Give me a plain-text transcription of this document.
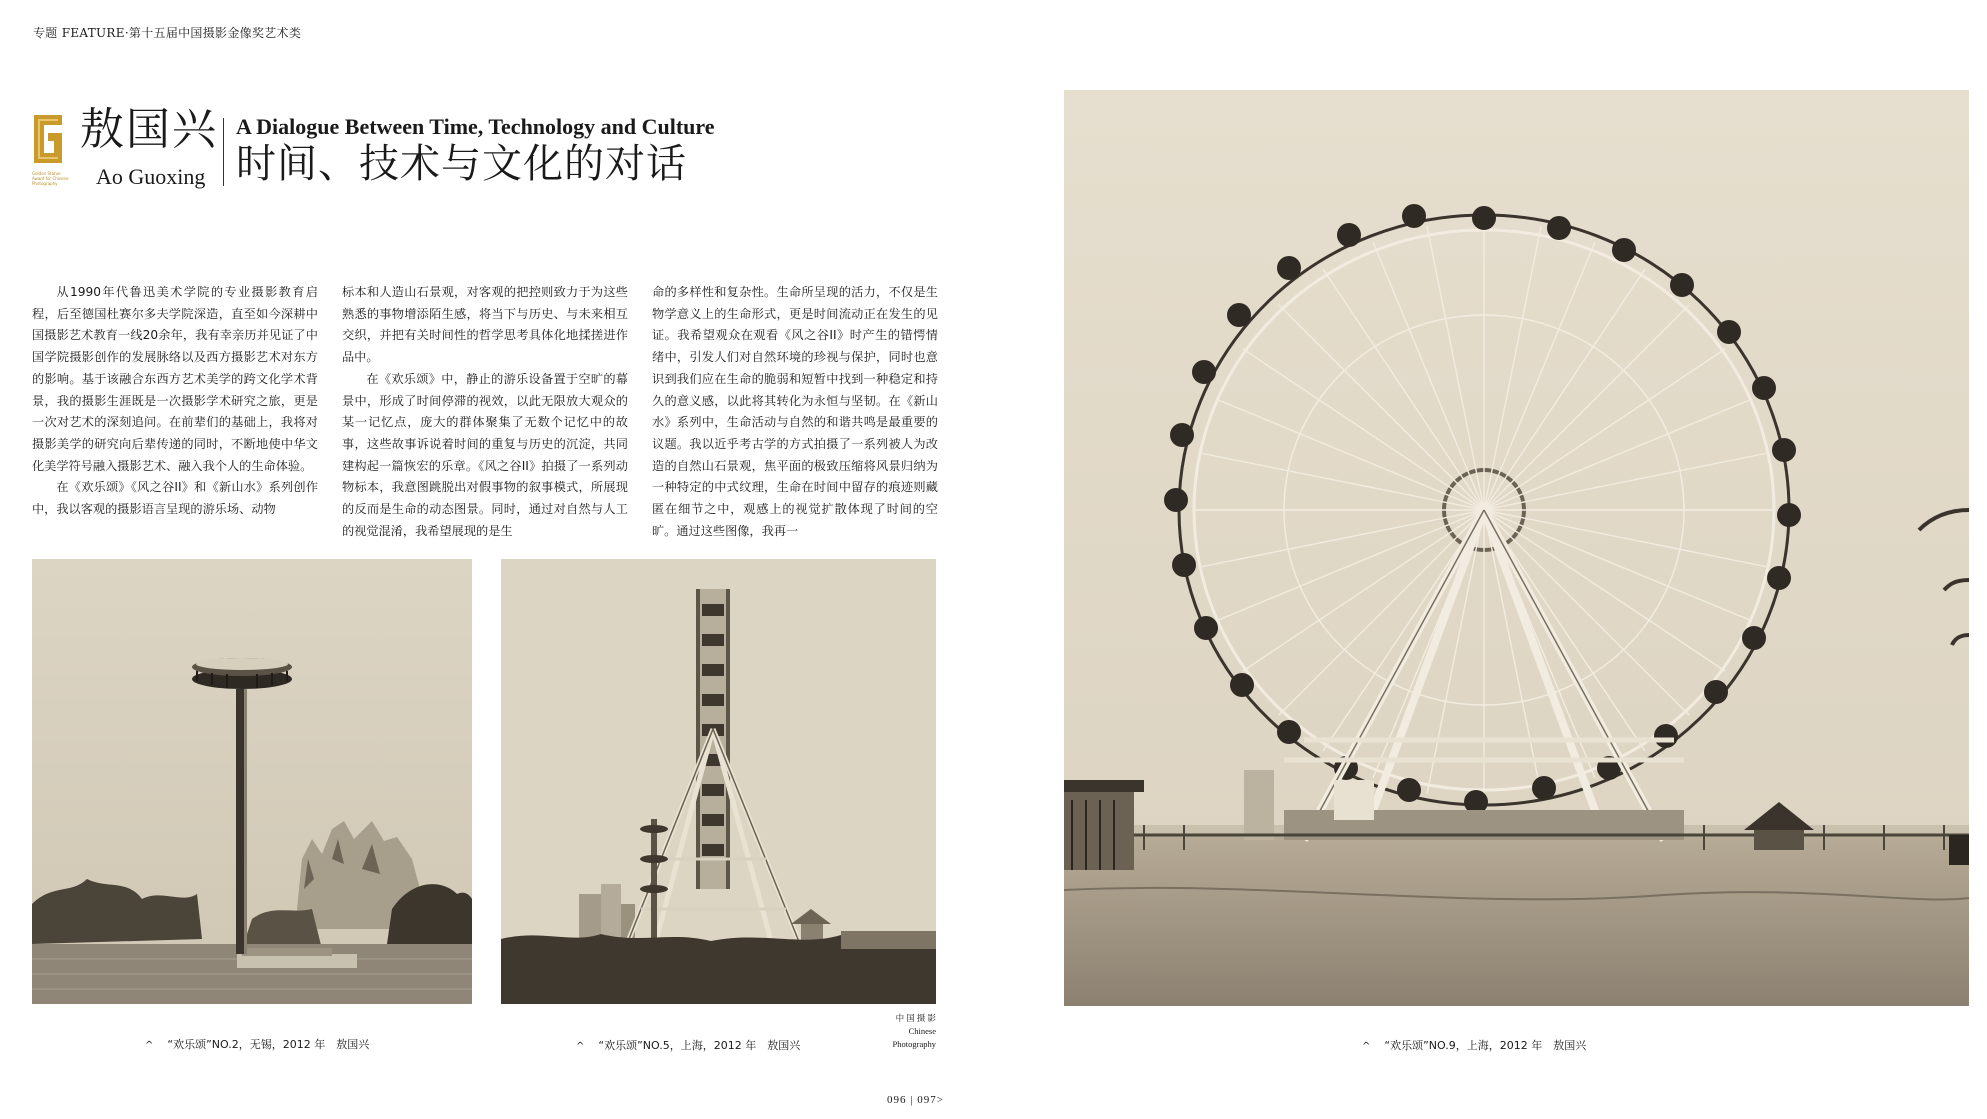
专题 FEATURE·第十五届中国摄影金像奖艺术类
Golden Statue Award for Chinese Photography
敖国兴
Ao Guoxing
A Dialogue Between Time, Technology and Culture
时间、技术与文化的对话

从1990年代鲁迅美术学院的专业摄影教育启程，后至德国杜赛尔多夫学院深造，直至如今深耕中国摄影艺术教育一线20余年，我有幸亲历并见证了中国学院摄影创作的发展脉络以及西方摄影艺术对东方的影响。基于该融合东西方艺术美学的跨文化学术背景，我的摄影生涯既是一次摄影学术研究之旅，更是一次对艺术的深刻追问。在前辈们的基础上，我将对摄影美学的研究向后辈传递的同时，不断地使中华文化美学符号融入摄影艺术、融入我个人的生命体验。

在《欢乐颂》《风之谷II》和《新山水》系列创作中，我以客观的摄影语言呈现的游乐场、动物

标本和人造山石景观，对客观的把控则致力于为这些熟悉的事物增添陌生感，将当下与历史、与未来相互交织，并把有关时间性的哲学思考具体化地揉搓进作品中。

在《欢乐颂》中，静止的游乐设备置于空旷的幕景中，形成了时间停滞的视效，以此无限放大观众的某一记忆点，庞大的群体聚集了无数个记忆中的故事，这些故事诉说着时间的重复与历史的沉淀，共同建构起一篇恢宏的乐章。《风之谷II》拍摄了一系列动物标本，我意图跳脱出对假事物的叙事模式，所展现的反而是生命的动态图景。同时，通过对自然与人工的视觉混淆，我希望展现的是生

命的多样性和复杂性。生命所呈现的活力，不仅是生物学意义上的生命形式，更是时间流动正在发生的见证。我希望观众在观看《风之谷II》时产生的错愕情绪中，引发人们对自然环境的珍视与保护，同时也意识到我们应在生命的脆弱和短暂中找到一种稳定和持久的意义感，以此将其转化为永恒与坚韧。在《新山水》系列中，生命活动与自然的和谐共鸣是最重要的议题。我以近乎考古学的方式拍摄了一系列被人为改造的自然山石景观，焦平面的极致压缩将风景归纳为一种特定的中式纹理，生命在时间中留存的痕迹则藏匿在细节之中，观感上的视觉扩散体现了时间的空旷。通过这些图像，我再一

^ “欢乐颂”NO.2，无锡，2012 年　敖国兴	^ “欢乐颂”NO.5，上海，2012 年　敖国兴	^ “欢乐颂”NO.9，上海，2012 年　敖国兴
中 国 摄 影
Chinese
Photography
096 | 097>
